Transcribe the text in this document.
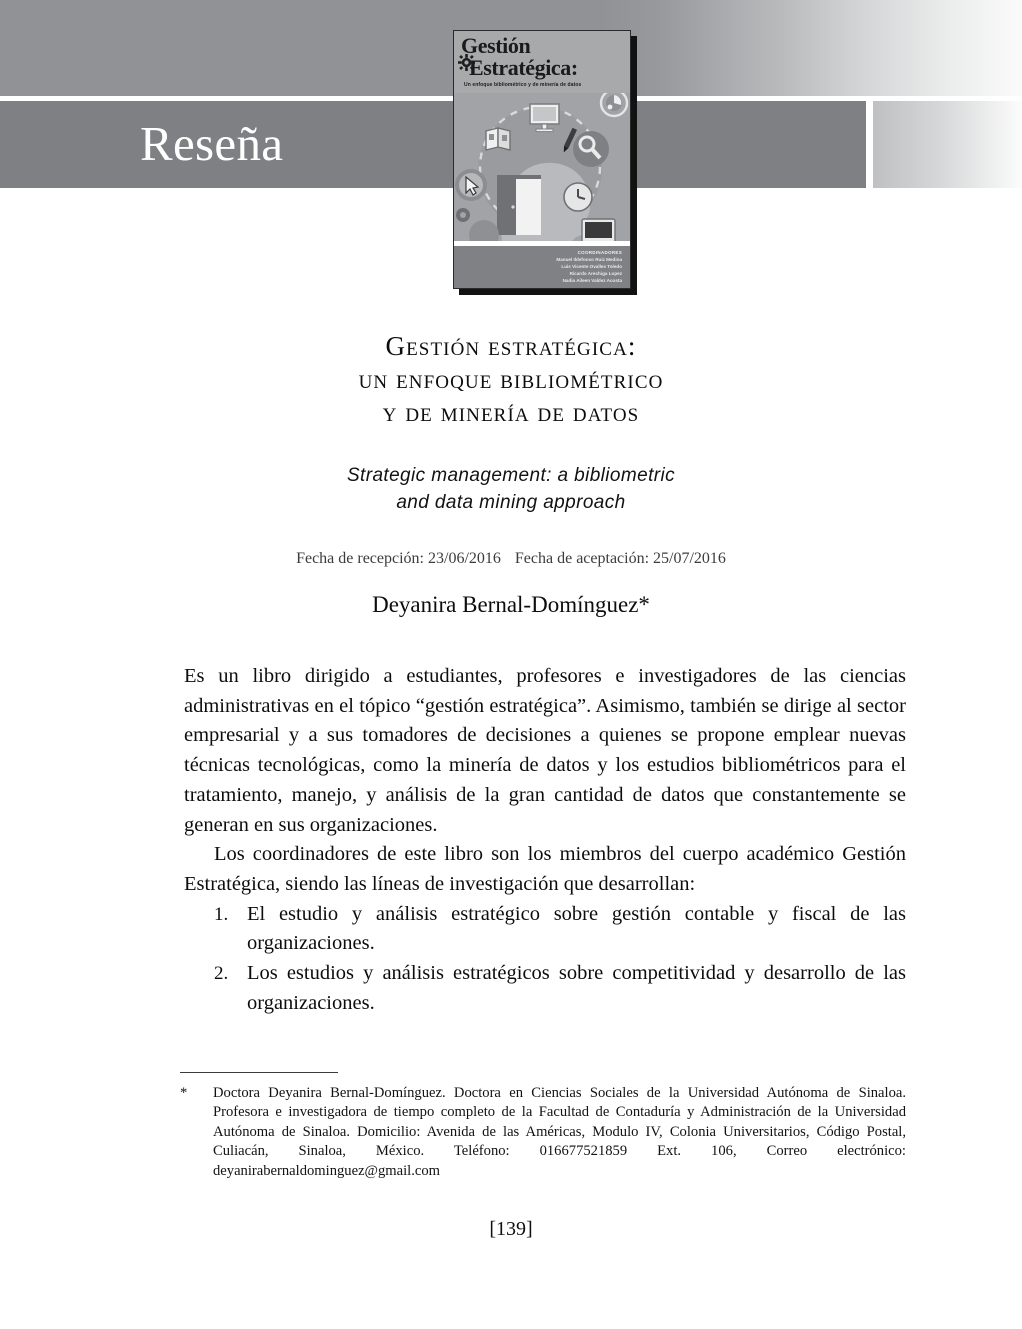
Reseña
Gestión
Estratégica:
Un enfoque bibliométrico y de minería de datos
COORDINADORES
Manuel Ildefonso Ruiz Medina
Luis Vicente Ovalles Toledo
Ricardo Arechiga Lopez
Nadia Aileen Valdez Acosta
Gestión estratégica:
un enfoque bibliométrico
y de minería de datos
Strategic management: a bibliometric
and data mining approach
Fecha de recepción: 23/06/2016 Fecha de aceptación: 25/07/2016
Deyanira Bernal-Domínguez*

Es un libro dirigido a estudiantes, profesores e investigadores de las ciencias administrativas en el tópico “gestión estratégica”. Asimismo, también se dirige al sector empresarial y a sus tomadores de decisiones a quienes se propone emplear nuevas técnicas tecnológicas, como la minería de datos y los estudios bibliométricos para el tratamiento, manejo, y análisis de la gran cantidad de datos que constantemente se generan en sus organizaciones.

Los coordinadores de este libro son los miembros del cuerpo académico Gestión Estratégica, siendo las líneas de investigación que desarrollan:

1. El estudio y análisis estratégico sobre gestión contable y fiscal de las organizaciones.
2. Los estudios y análisis estratégicos sobre competitividad y desarrollo de las organizaciones.
*	Doctora Deyanira Bernal-Domínguez. Doctora en Ciencias Sociales de la Universidad Autónoma de Sinaloa. Profesora e investigadora de tiempo completo de la Facultad de Contaduría y Administración de la Universidad Autónoma de Sinaloa. Domicilio: Avenida de las Américas, Modulo IV, Colonia Universitarios, Código Postal, Culiacán, Sinaloa, México. Teléfono: 016677521859 Ext. 106, Correo electrónico: deyanirabernaldominguez@gmail.com
[139]
